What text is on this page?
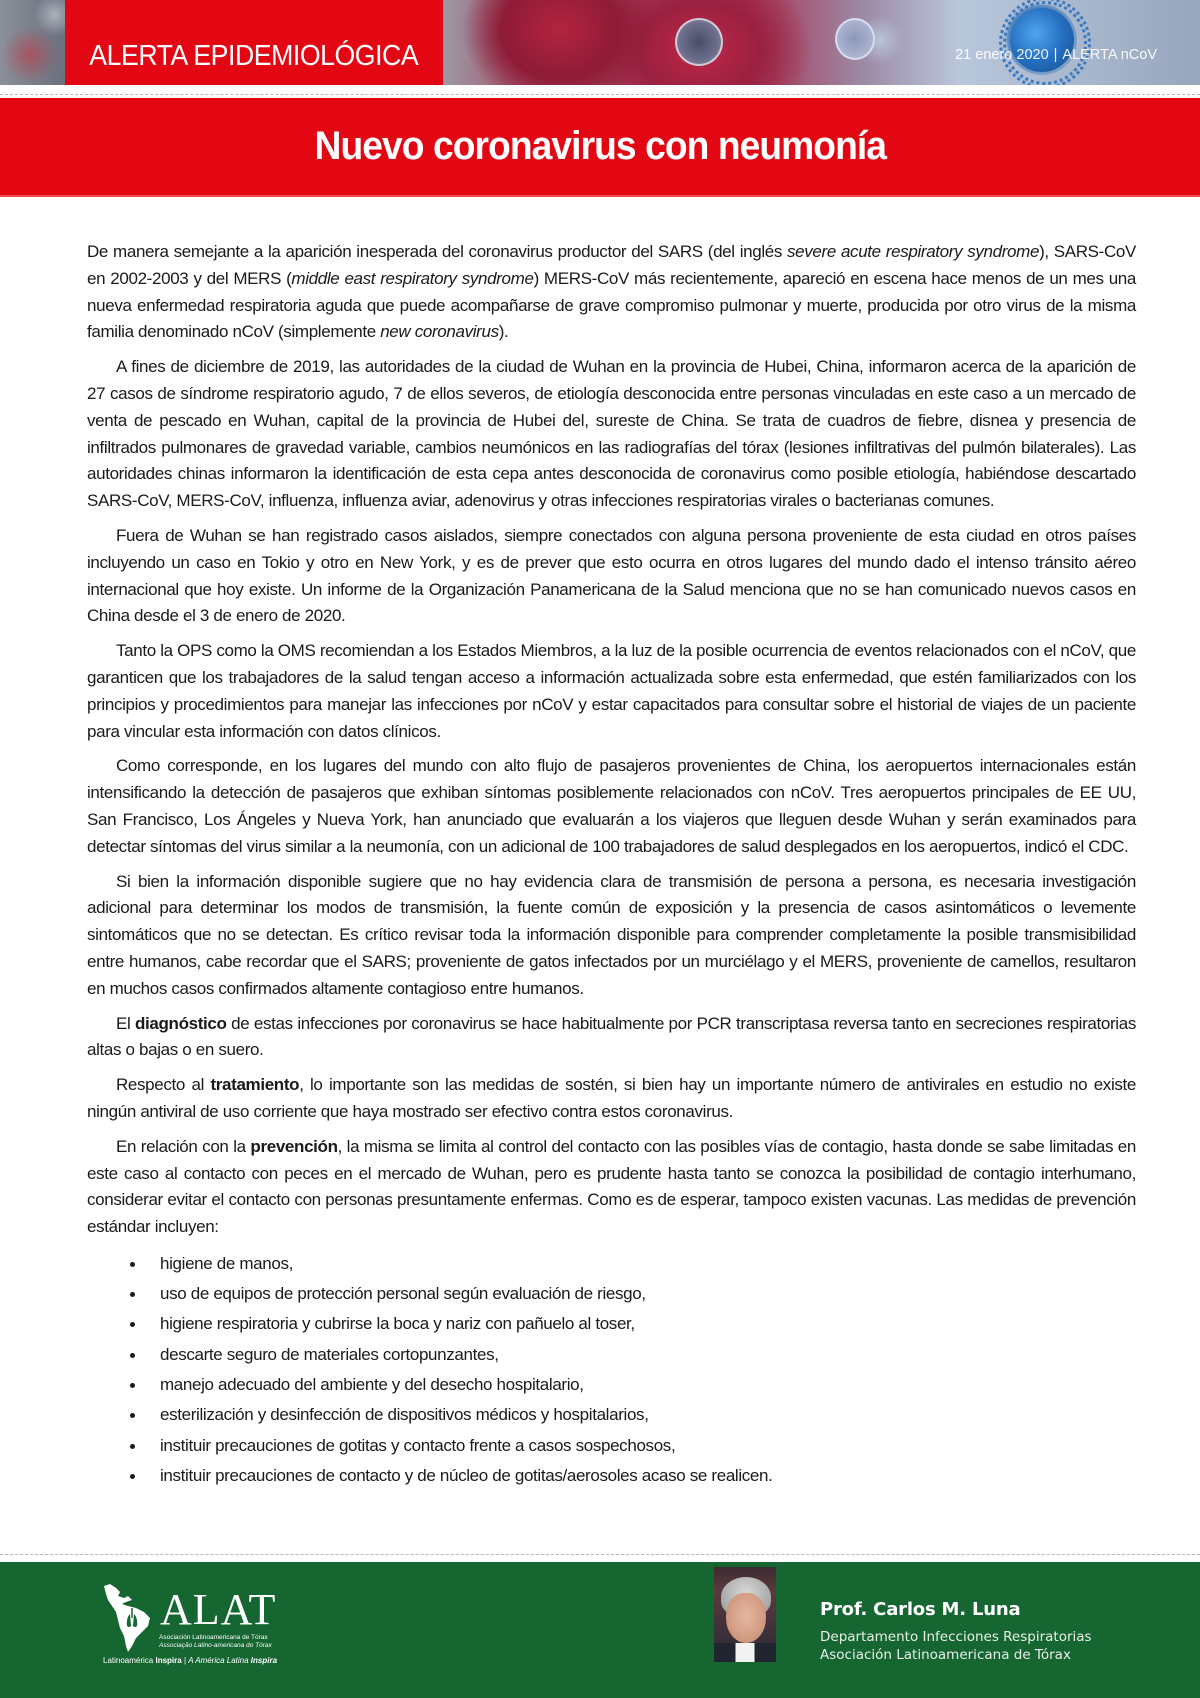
ALERTA EPIDEMIOLÓGICA	21 enero 2020 | ALERTA nCoV
Nuevo coronavirus con neumonía

De manera semejante a la aparición inesperada del coronavirus productor del SARS (del inglés severe acute respiratory syndrome), SARS-CoV en 2002-2003 y del MERS (middle east respiratory syndrome) MERS-CoV más recientemente, apareció en escena hace menos de un mes una nueva enfermedad respiratoria aguda que puede acompañarse de grave compromiso pulmonar y muerte, producida por otro virus de la misma familia denominado nCoV (simplemente new coronavirus).

A fines de diciembre de 2019, las autoridades de la ciudad de Wuhan en la provincia de Hubei, China, informaron acerca de la aparición de 27 casos de síndrome respiratorio agudo, 7 de ellos severos, de etiología desconocida entre personas vinculadas en este caso a un mercado de venta de pescado en Wuhan, capital de la provincia de Hubei del, sureste de China. Se trata de cuadros de fiebre, disnea y presencia de infiltrados pulmonares de gravedad variable, cambios neumónicos en las radiografías del tórax (lesiones infiltrativas del pulmón bilaterales). Las autoridades chinas informaron la identificación de esta cepa antes desconocida de coronavirus como posible etiología, habiéndose descartado SARS-CoV, MERS-CoV, influenza, influenza aviar, adenovirus y otras infecciones respiratorias virales o bacterianas comunes.

Fuera de Wuhan se han registrado casos aislados, siempre conectados con alguna persona proveniente de esta ciudad en otros países incluyendo un caso en Tokio y otro en New York, y es de prever que esto ocurra en otros lugares del mundo dado el intenso tránsito aéreo internacional que hoy existe. Un informe de la Organización Panamericana de la Salud menciona que no se han comunicado nuevos casos en China desde el 3 de enero de 2020.

Tanto la OPS como la OMS recomiendan a los Estados Miembros, a la luz de la posible ocurrencia de eventos relacionados con el nCoV, que garanticen que los trabajadores de la salud tengan acceso a información actualizada sobre esta enfermedad, que estén familiarizados con los principios y procedimientos para manejar las infecciones por nCoV y estar capacitados para consultar sobre el historial de viajes de un paciente para vincular esta información con datos clínicos.

Como corresponde, en los lugares del mundo con alto flujo de pasajeros provenientes de China, los aeropuertos internacionales están intensificando la detección de pasajeros que exhiban síntomas posiblemente relacionados con nCoV. Tres aeropuertos principales de EE UU, San Francisco, Los Ángeles y Nueva York, han anunciado que evaluarán a los viajeros que lleguen desde Wuhan y serán examinados para detectar síntomas del virus similar a la neumonía, con un adicional de 100 trabajadores de salud desplegados en los aeropuertos, indicó el CDC.

Si bien la información disponible sugiere que no hay evidencia clara de transmisión de persona a persona, es necesaria investigación adicional para determinar los modos de transmisión, la fuente común de exposición y la presencia de casos asintomáticos o levemente sintomáticos que no se detectan. Es crítico revisar toda la información disponible para comprender completamente la posible transmisibilidad entre humanos, cabe recordar que el SARS; proveniente de gatos infectados por un murciélago y el MERS, proveniente de camellos, resultaron en muchos casos confirmados altamente contagioso entre humanos.

El diagnóstico de estas infecciones por coronavirus se hace habitualmente por PCR transcriptasa reversa tanto en secreciones respiratorias altas o bajas o en suero.

Respecto al tratamiento, lo importante son las medidas de sostén, si bien hay un importante número de antivirales en estudio no existe ningún antiviral de uso corriente que haya mostrado ser efectivo contra estos coronavirus.

En relación con la prevención, la misma se limita al control del contacto con las posibles vías de contagio, hasta donde se sabe limitadas en este caso al contacto con peces en el mercado de Wuhan, pero es prudente hasta tanto se conozca la posibilidad de contagio interhumano, considerar evitar el contacto con personas presuntamente enfermas. Como es de esperar, tampoco existen vacunas. Las medidas de prevención estándar incluyen:

higiene de manos,
uso de equipos de protección personal según evaluación de riesgo,
higiene respiratoria y cubrirse la boca y nariz con pañuelo al toser,
descarte seguro de materiales cortopunzantes,
manejo adecuado del ambiente y del desecho hospitalario,
esterilización y desinfección de dispositivos médicos y hospitalarios,
instituir precauciones de gotitas y contacto frente a casos sospechosos,
instituir precauciones de contacto y de núcleo de gotitas/aerosoles acaso se realicen.
ALAT
Asociación Latinoamericana de Tórax
Associação Latino-americana do Tórax
Latinoamérica Inspira | A América Latina Inspira
Prof. Carlos M. Luna
Departamento Infecciones Respiratorias
Asociación Latinoamericana de Tórax
